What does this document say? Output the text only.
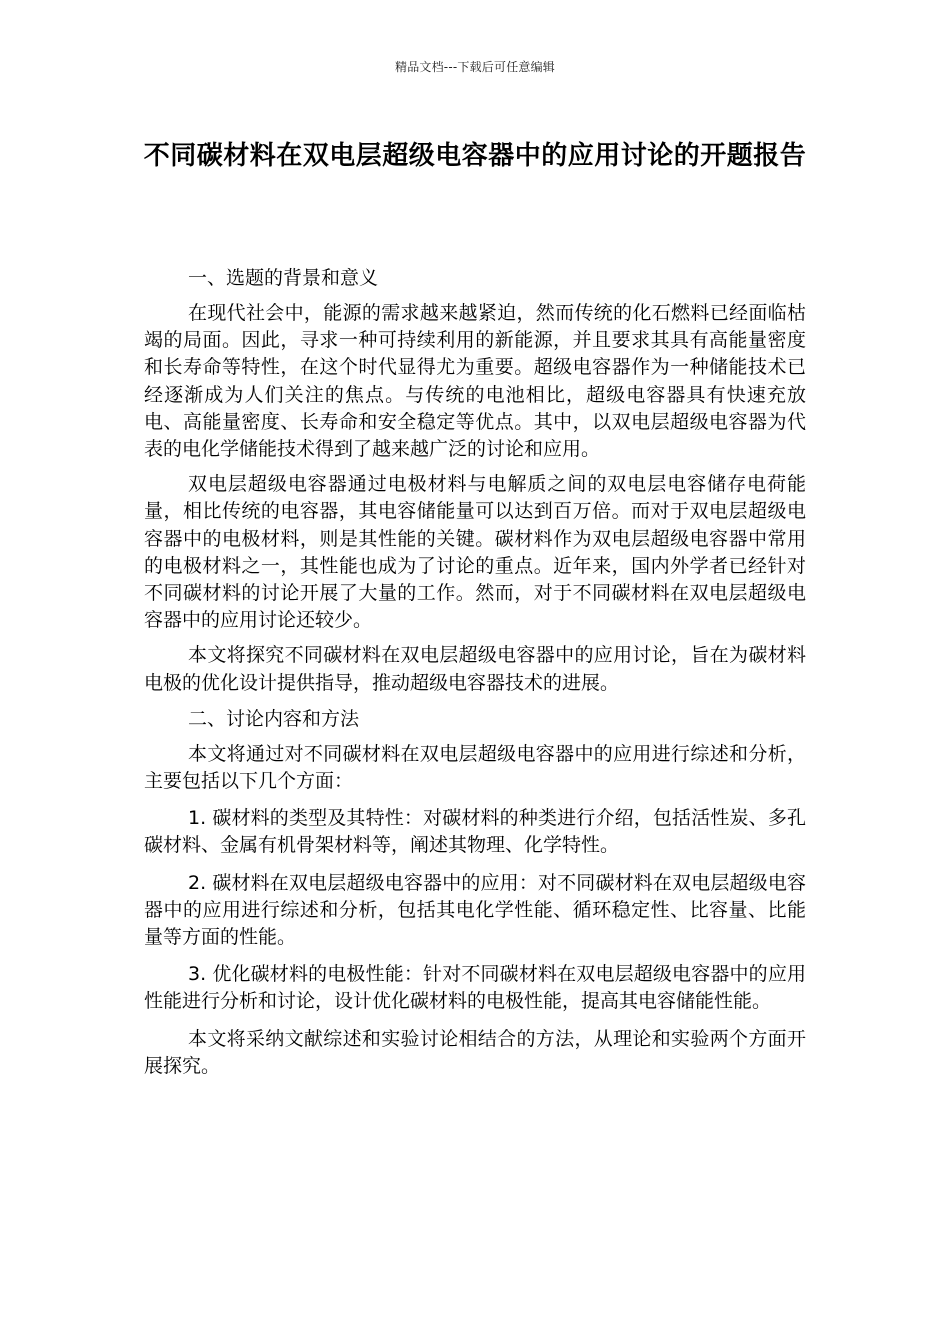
精品文档---下载后可任意编辑
不同碳材料在双电层超级电容器中的应用讨论的开题报告
一、选题的背景和意义

在现代社会中，能源的需求越来越紧迫，然而传统的化石燃料已经面临枯竭的局面。因此，寻求一种可持续利用的新能源，并且要求其具有高能量密度和长寿命等特性，在这个时代显得尤为重要。超级电容器作为一种储能技术已经逐渐成为人们关注的焦点。与传统的电池相比，超级电容器具有快速充放电、高能量密度、长寿命和安全稳定等优点。其中，以双电层超级电容器为代表的电化学储能技术得到了越来越广泛的讨论和应用。

双电层超级电容器通过电极材料与电解质之间的双电层电容储存电荷能量，相比传统的电容器，其电容储能量可以达到百万倍。而对于双电层超级电容器中的电极材料，则是其性能的关键。碳材料作为双电层超级电容器中常用的电极材料之一，其性能也成为了讨论的重点。近年来，国内外学者已经针对不同碳材料的讨论开展了大量的工作。然而，对于不同碳材料在双电层超级电容器中的应用讨论还较少。

本文将探究不同碳材料在双电层超级电容器中的应用讨论，旨在为碳材料电极的优化设计提供指导，推动超级电容器技术的进展。

二、讨论内容和方法

本文将通过对不同碳材料在双电层超级电容器中的应用进行综述和分析，主要包括以下几个方面：

1. 碳材料的类型及其特性：对碳材料的种类进行介绍，包括活性炭、多孔碳材料、金属有机骨架材料等，阐述其物理、化学特性。

2. 碳材料在双电层超级电容器中的应用：对不同碳材料在双电层超级电容器中的应用进行综述和分析，包括其电化学性能、循环稳定性、比容量、比能量等方面的性能。

3. 优化碳材料的电极性能：针对不同碳材料在双电层超级电容器中的应用性能进行分析和讨论，设计优化碳材料的电极性能，提高其电容储能性能。

本文将采纳文献综述和实验讨论相结合的方法，从理论和实验两个方面开展探究。
